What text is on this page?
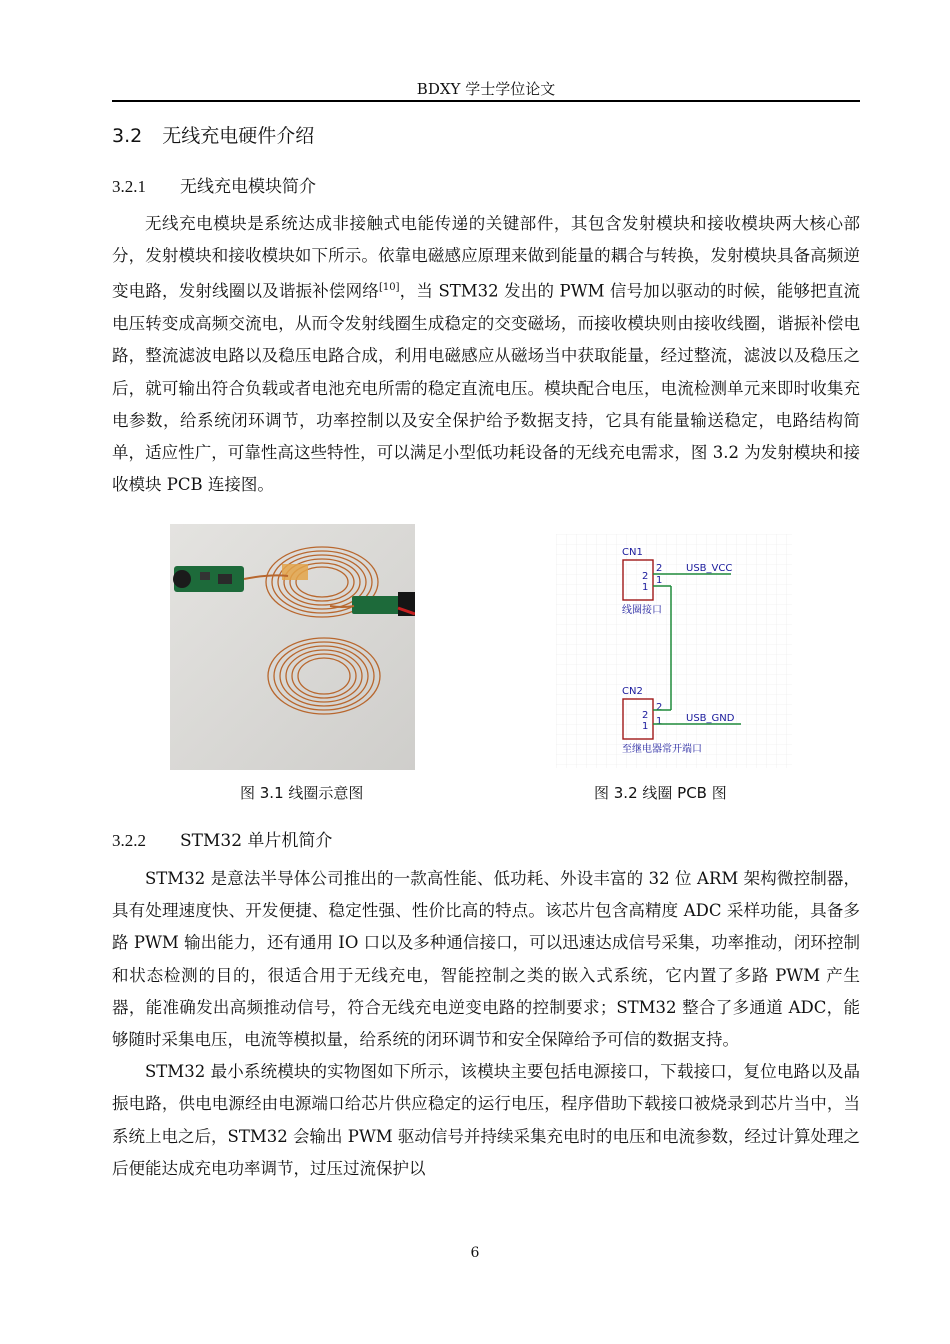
BDXY 学士学位论文
3.2 无线充电硬件介绍
3.2.1 无线充电模块简介

无线充电模块是系统达成非接触式电能传递的关键部件，其包含发射模块和接收模块两大核心部分，发射模块和接收模块如下所示。依靠电磁感应原理来做到能量的耦合与转换，发射模块具备高频逆变电路，发射线圈以及谐振补偿网络[10]，当 STM32 发出的 PWM 信号加以驱动的时候，能够把直流电压转变成高频交流电，从而令发射线圈生成稳定的交变磁场，而接收模块则由接收线圈，谐振补偿电路，整流滤波电路以及稳压电路合成，利用电磁感应从磁场当中获取能量，经过整流，滤波以及稳压之后，就可输出符合负载或者电池充电所需的稳定直流电压。模块配合电压，电流检测单元来即时收集充电参数，给系统闭环调节，功率控制以及安全保护给予数据支持，它具有能量输送稳定，电路结构简单，适应性广，可靠性高这些特性，可以满足小型低功耗设备的无线充电需求，图 3.2 为发射模块和接收模块 PCB 连接图。

CN1
2
1
2
1
USB_VCC
线圈接口
CN2
2
1
2
1 USB_GND
至继电器常开端口
图 3.1 线圈示意图	图 3.2 线圈 PCB 图
3.2.2 STM32 单片机简介

STM32 是意法半导体公司推出的一款高性能、低功耗、外设丰富的 32 位 ARM 架构微控制器，具有处理速度快、开发便捷、稳定性强、性价比高的特点。该芯片包含高精度 ADC 采样功能，具备多路 PWM 输出能力，还有通用 IO 口以及多种通信接口，可以迅速达成信号采集，功率推动，闭环控制和状态检测的目的，很适合用于无线充电，智能控制之类的嵌入式系统，它内置了多路 PWM 产生器，能准确发出高频推动信号，符合无线充电逆变电路的控制要求；STM32 整合了多通道 ADC，能够随时采集电压，电流等模拟量，给系统的闭环调节和安全保障给予可信的数据支持。

STM32 最小系统模块的实物图如下所示，该模块主要包括电源接口，下载接口，复位电路以及晶振电路，供电电源经由电源端口给芯片供应稳定的运行电压，程序借助下载接口被烧录到芯片当中，当系统上电之后，STM32 会输出 PWM 驱动信号并持续采集充电时的电压和电流参数，经过计算处理之后便能达成充电功率调节，过压过流保护以

6
